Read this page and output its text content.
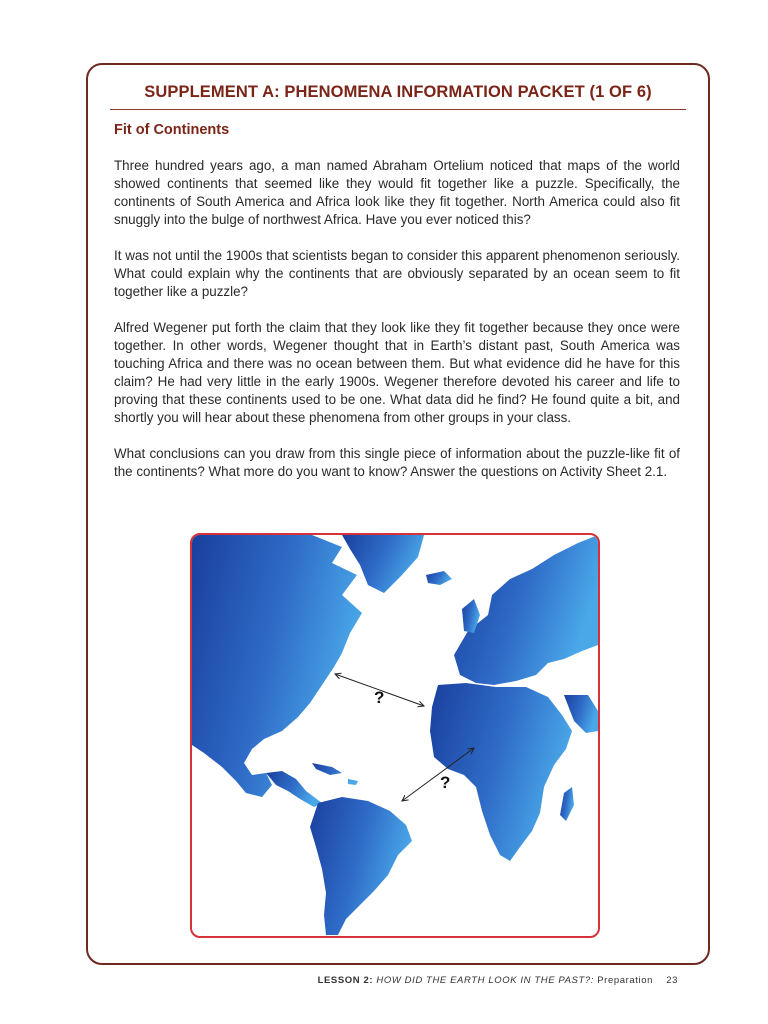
SUPPLEMENT A: PHENOMENA INFORMATION PACKET (1 OF 6)
Fit of Continents

Three hundred years ago, a man named Abraham Ortelium noticed that maps of the world showed continents that seemed like they would fit together like a puzzle. Specifically, the continents of South America and Africa look like they fit together. North America could also fit snuggly into the bulge of northwest Africa. Have you ever noticed this?

It was not until the 1900s that scientists began to consider this apparent phenomenon seriously. What could explain why the continents that are obviously separated by an ocean seem to fit together like a puzzle?

Alfred Wegener put forth the claim that they look like they fit together because they once were together. In other words, Wegener thought that in Earth’s distant past, South America was touching Africa and there was no ocean between them. But what evidence did he have for this claim? He had very little in the early 1900s. Wegener therefore devoted his career and life to proving that these continents used to be one. What data did he find? He found quite a bit, and shortly you will hear about these phenomena from other groups in your class.

What conclusions can you draw from this single piece of information about the puzzle-like fit of the continents? What more do you want to know? Answer the questions on Activity Sheet 2.1.

?
?
LESSON 2: HOW DID THE EARTH LOOK IN THE PAST?: Preparation 23
